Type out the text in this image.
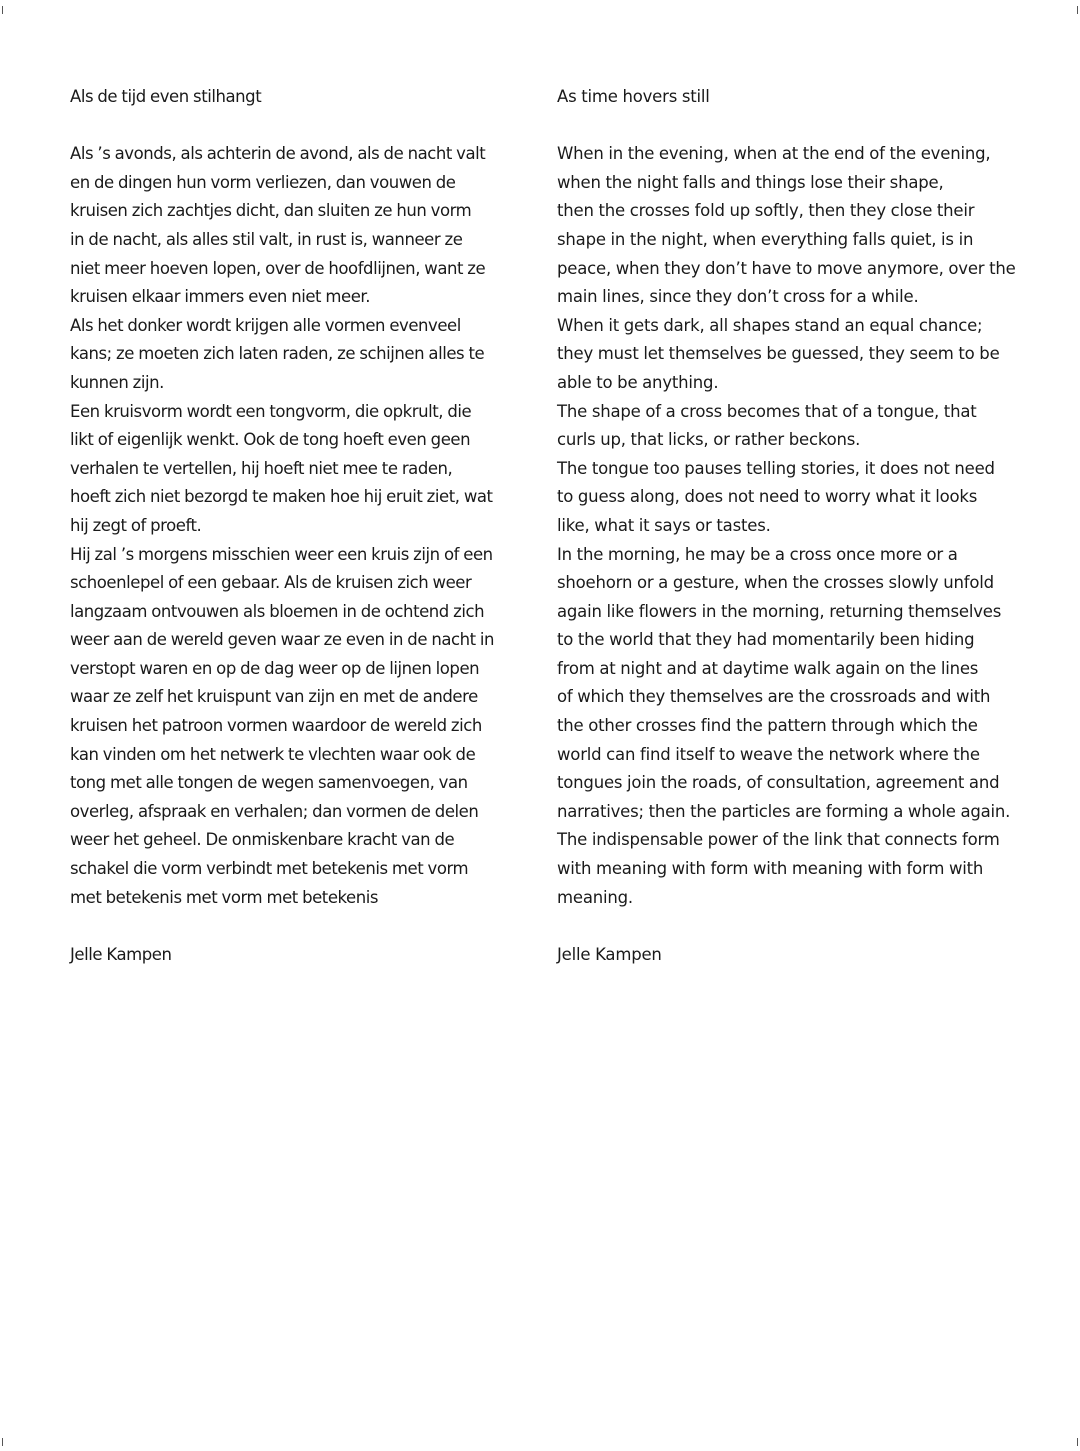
Als de tijd even stilhangt
Als ’s avonds, als achterin de avond, als de nacht valt
en de dingen hun vorm verliezen, dan vouwen de
kruisen zich zachtjes dicht, dan sluiten ze hun vorm
in de nacht, als alles stil valt, in rust is, wanneer ze
niet meer hoeven lopen, over de hoofdlijnen, want ze
kruisen elkaar immers even niet meer.
Als het donker wordt krijgen alle vormen evenveel
kans; ze moeten zich laten raden, ze schijnen alles te
kunnen zijn.
Een kruisvorm wordt een tongvorm, die opkrult, die
likt of eigenlijk wenkt. Ook de tong hoeft even geen
verhalen te vertellen, hij hoeft niet mee te raden,
hoeft zich niet bezorgd te maken hoe hij eruit ziet, wat
hij zegt of proeft.
Hij zal ’s morgens misschien weer een kruis zijn of een
schoenlepel of een gebaar. Als de kruisen zich weer
langzaam ontvouwen als bloemen in de ochtend zich
weer aan de wereld geven waar ze even in de nacht in
verstopt waren en op de dag weer op de lijnen lopen
waar ze zelf het kruispunt van zijn en met de andere
kruisen het patroon vormen waardoor de wereld zich
kan vinden om het netwerk te vlechten waar ook de
tong met alle tongen de wegen samenvoegen, van
overleg, afspraak en verhalen; dan vormen de delen
weer het geheel. De onmiskenbare kracht van de
schakel die vorm verbindt met betekenis met vorm
met betekenis met vorm met betekenis
Jelle Kampen
As time hovers still
When in the evening, when at the end of the evening,
when the night falls and things lose their shape,
then the crosses fold up softly, then they close their
shape in the night, when everything falls quiet, is in
peace, when they don’t have to move anymore, over the
main lines, since they don’t cross for a while.
When it gets dark, all shapes stand an equal chance;
they must let themselves be guessed, they seem to be
able to be anything.
The shape of a cross becomes that of a tongue, that
curls up, that licks, or rather beckons.
The tongue too pauses telling stories, it does not need
to guess along, does not need to worry what it looks
like, what it says or tastes.
In the morning, he may be a cross once more or a
shoehorn or a gesture, when the crosses slowly unfold
again like flowers in the morning, returning themselves
to the world that they had momentarily been hiding
from at night and at daytime walk again on the lines
of which they themselves are the crossroads and with
the other crosses find the pattern through which the
world can find itself to weave the network where the
tongues join the roads, of consultation, agreement and
narratives; then the particles are forming a whole again.
The indispensable power of the link that connects form
with meaning with form with meaning with form with
meaning.
Jelle Kampen
